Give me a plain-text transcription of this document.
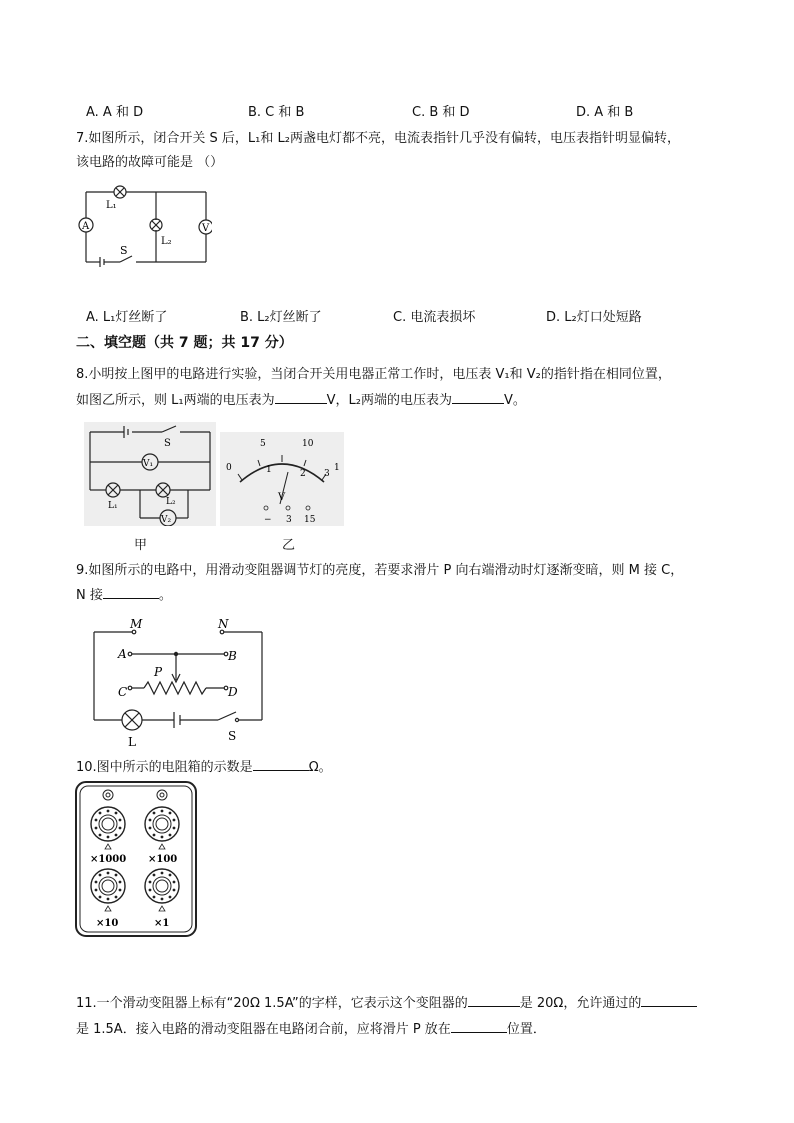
A. A 和 D	B. C 和 B	C. B 和 D	D. A 和 B
7.如图所示，闭合开关 S 后，L₁和 L₂两盏电灯都不亮，电流表指针几乎没有偏转，电压表指针明显偏转，
该电路的故障可能是 （）
A	V
L₁
L₂
S
A. L₁灯丝断了	B. L₂灯丝断了	C. 电流表损坏	D. L₂灯口处短路
二、填空题（共 7 题；共 17 分）
8.小明按上图甲的电路进行实验，当闭合开关用电器正常工作时，电压表 V₁和 V₂的指针指在相同位置，
如图乙所示，则 L₁两端的电压表为	V，L₂两端的电压表为	V。
S
V₁
L₁	L₂
V₂
5	10
0	1	2 3
1
V
− 3 15
甲	乙
9.如图所示的电路中，用滑动变阻器调节灯的亮度，若要求滑片 P 向右端滑动时灯逐渐变暗，则 M 接 C，
N 接	。
M	N
A	B
P
C	D
L	S
10.图中所示的电阻箱的示数是	Ω。
×1000 ×100
×10	×1
11.一个滑动变阻器上标有“20Ω 1.5A”的字样，它表示这个变阻器的	是 20Ω，允许通过的
是 1.5A．接入电路的滑动变阻器在电路闭合前，应将滑片 P 放在	位置．
